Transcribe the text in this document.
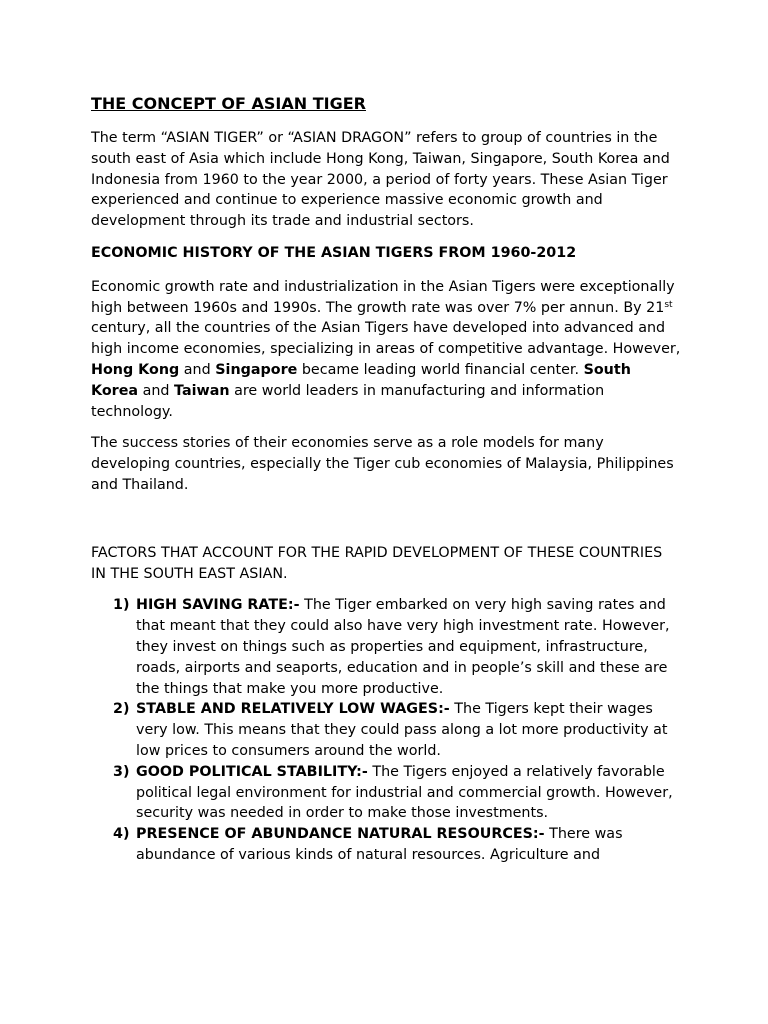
THE CONCEPT OF ASIAN TIGER

The term “ASIAN TIGER” or “ASIAN DRAGON” refers to group of countries in the south east of Asia which include Hong Kong, Taiwan, Singapore, South Korea and Indonesia from 1960 to the year 2000, a period of forty years. These Asian Tiger experienced and continue to experience massive economic growth and development through its trade and industrial sectors.

ECONOMIC HISTORY OF THE ASIAN TIGERS FROM 1960-2012

Economic growth rate and industrialization in the Asian Tigers were exceptionally high between 1960s and 1990s. The growth rate was over 7% per annun. By 21st century, all the countries of the Asian Tigers have developed into advanced and high income economies, specializing in areas of competitive advantage. However, Hong Kong and Singapore became leading world financial center. South Korea and Taiwan are world leaders in manufacturing and information technology.

The success stories of their economies serve as a role models for many developing countries, especially the Tiger cub economies of Malaysia, Philippines and Thailand.

FACTORS THAT ACCOUNT FOR THE RAPID DEVELOPMENT OF THESE COUNTRIES IN THE SOUTH EAST ASIAN.

1) HIGH SAVING RATE:- The Tiger embarked on very high saving rates and that meant that they could also have very high investment rate. However, they invest on things such as properties and equipment, infrastructure, roads, airports and seaports, education and in people’s skill and these are the things that make you more productive.
2) STABLE AND RELATIVELY LOW WAGES:- The Tigers kept their wages very low. This means that they could pass along a lot more productivity at low prices to consumers around the world.
3) GOOD POLITICAL STABILITY:- The Tigers enjoyed a relatively favorable political legal environment for industrial and commercial growth. However, security was needed in order to make those investments.
4) PRESENCE OF ABUNDANCE NATURAL RESOURCES:- There was abundance of various kinds of natural resources. Agriculture and
